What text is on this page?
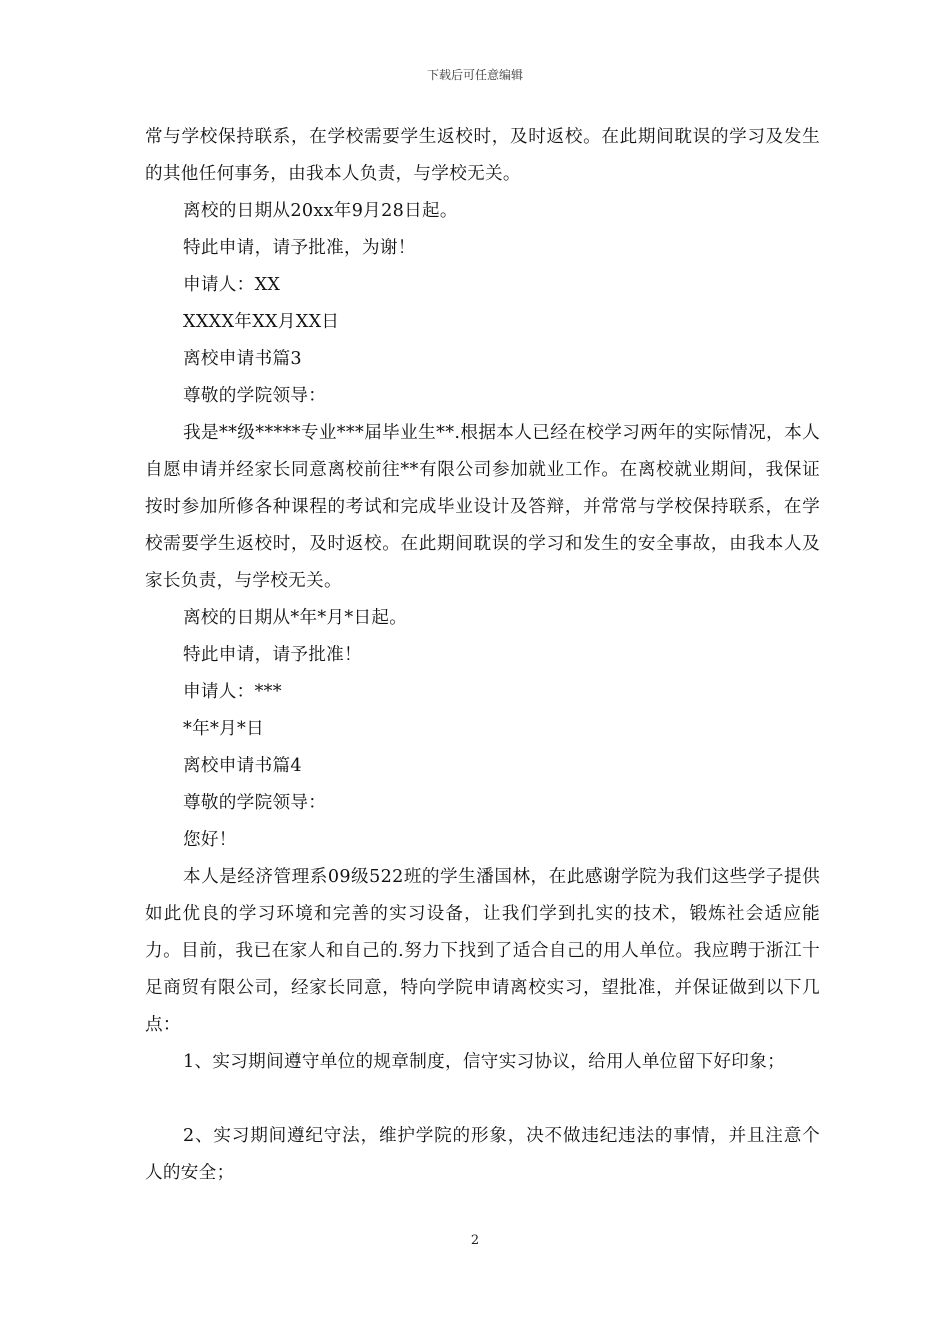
下载后可任意编辑

常与学校保持联系，在学校需要学生返校时，及时返校。在此期间耽误的学习及发生的其他任何事务，由我本人负责，与学校无关。

离校的日期从20xx年9月28日起。

特此申请，请予批准，为谢！

申请人：XX

XXXX年XX月XX日

离校申请书篇3

尊敬的学院领导：

我是**级*****专业***届毕业生**.根据本人已经在校学习两年的实际情况，本人自愿申请并经家长同意离校前往**有限公司参加就业工作。在离校就业期间，我保证按时参加所修各种课程的考试和完成毕业设计及答辩，并常常与学校保持联系，在学校需要学生返校时，及时返校。在此期间耽误的学习和发生的安全事故，由我本人及家长负责，与学校无关。

离校的日期从*年*月*日起。

特此申请，请予批准！

申请人：***

*年*月*日

离校申请书篇4

尊敬的学院领导：

您好！

本人是经济管理系09级522班的学生潘国林，在此感谢学院为我们这些学子提供如此优良的学习环境和完善的实习设备，让我们学到扎实的技术，锻炼社会适应能力。目前，我已在家人和自己的.努力下找到了适合自己的用人单位。我应聘于浙江十足商贸有限公司，经家长同意，特向学院申请离校实习，望批准，并保证做到以下几点：

1、实习期间遵守单位的规章制度，信守实习协议，给用人单位留下好印象；

2、实习期间遵纪守法，维护学院的形象，决不做违纪违法的事情，并且注意个人的安全；

2
